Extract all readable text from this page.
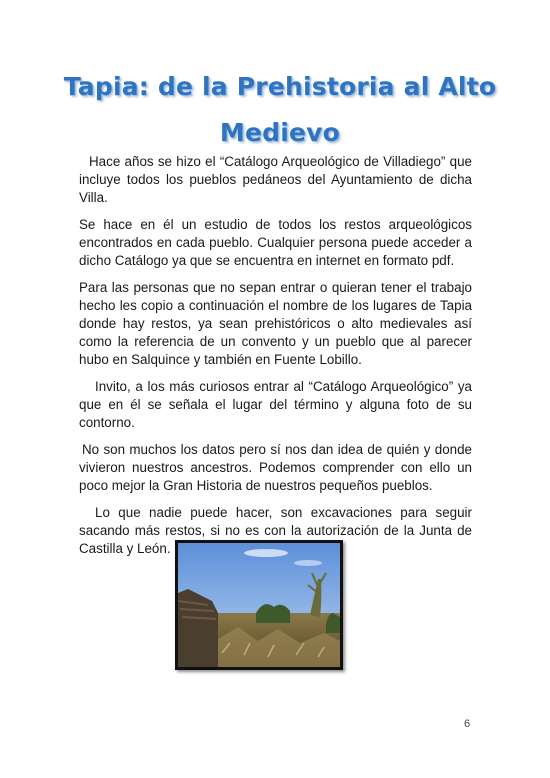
Tapia: de la Prehistoria al Alto
Medievo

Hace años se hizo el “Catálogo Arqueológico de Villadiego” que incluye todos los pueblos pedáneos del Ayuntamiento de dicha Villa.

Se hace en él un estudio de todos los restos arqueológicos encontrados en cada pueblo. Cualquier persona puede acceder a dicho Catálogo ya que se encuentra en internet en formato pdf.

Para las personas que no sepan entrar o quieran tener el trabajo hecho les copio a continuación el nombre de los lugares de Tapia donde hay restos, ya sean prehistóricos o alto medievales así como la referencia de un convento y un pueblo que al parecer hubo en Salquince y también en Fuente Lobillo.

Invito, a los más curiosos entrar al “Catálogo Arqueológico” ya que en él se señala el lugar del término y alguna foto de su contorno.

No son muchos los datos pero sí nos dan idea de quién y donde vivieron nuestros ancestros. Podemos comprender con ello un poco mejor la Gran Historia de nuestros pequeños pueblos.

Lo que nadie puede hacer, son excavaciones para seguir sacando más restos, si no es con la autorización de la Junta de Castilla y León.

6
